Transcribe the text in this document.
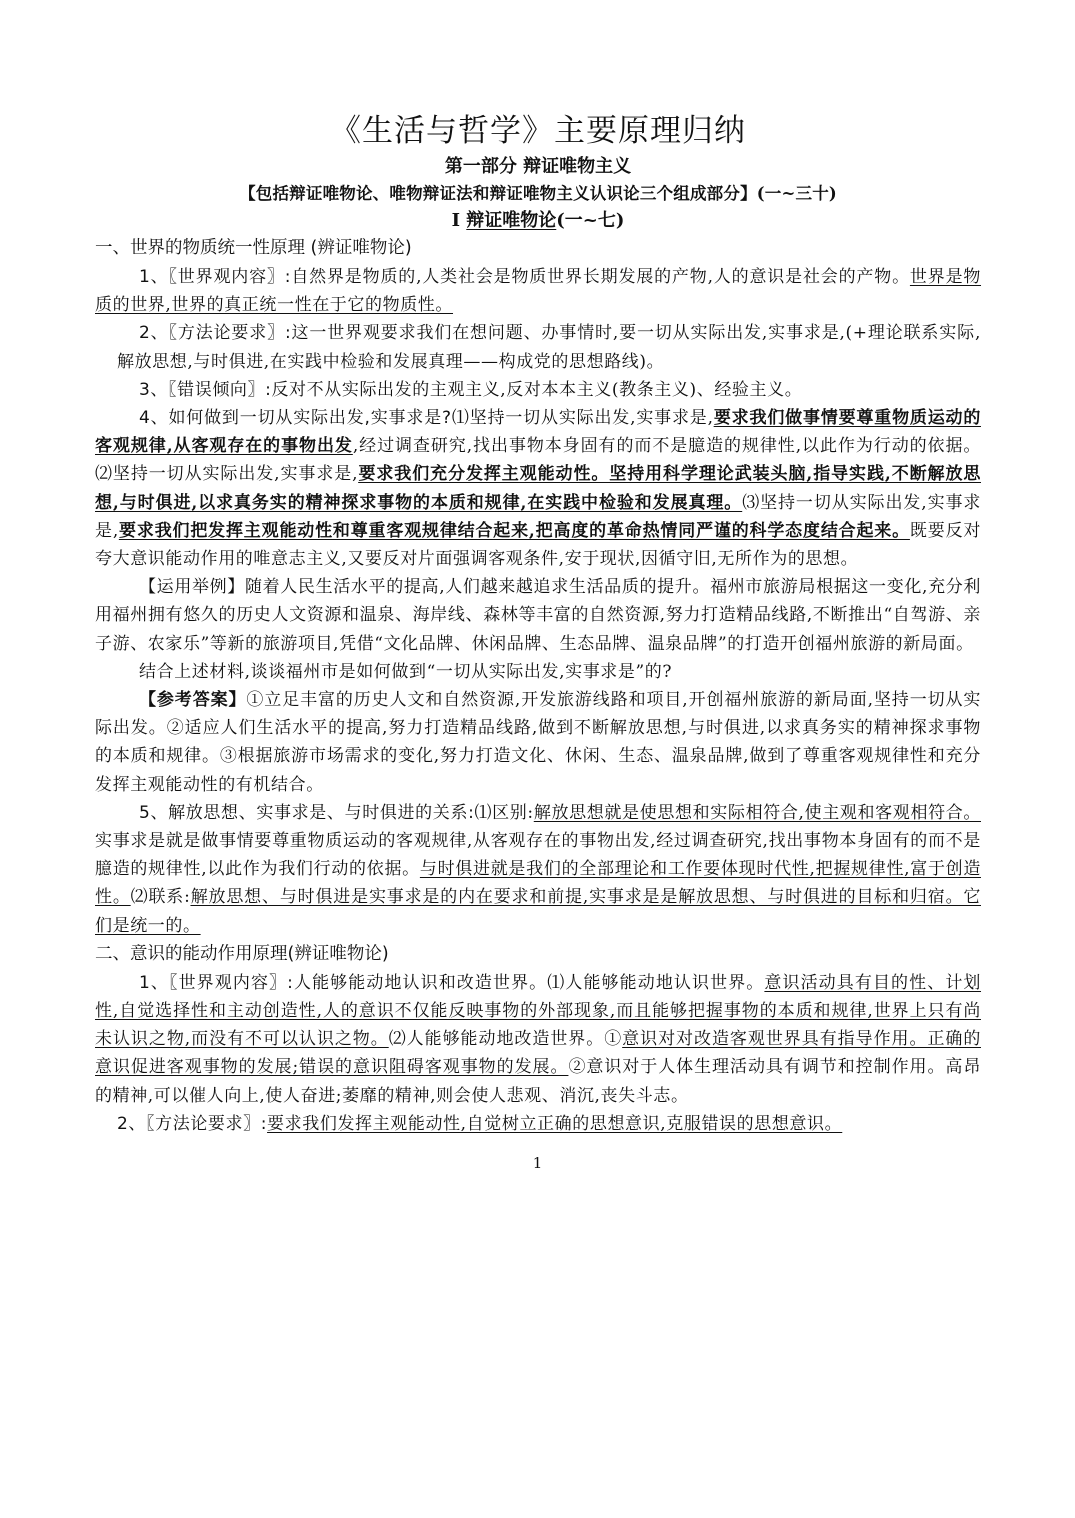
《生活与哲学》主要原理归纳
第一部分 辩证唯物主义
【包括辩证唯物论、唯物辩证法和辩证唯物主义认识论三个组成部分】(一~三十)
Ⅰ 辩证唯物论(一~七)
一、世界的物质统一性原理 (辨证唯物论)

1、〖世界观内容〗:自然界是物质的,人类社会是物质世界长期发展的产物,人的意识是社会的产物。世界是物质的世界,世界的真正统一性在于它的物质性。

2、〖方法论要求〗:这一世界观要求我们在想问题、办事情时,要一切从实际出发,实事求是,(+理论联系实际,解放思想,与时俱进,在实践中检验和发展真理——构成党的思想路线)。

3、〖错误倾向〗:反对不从实际出发的主观主义,反对本本主义(教条主义)、经验主义。

4、如何做到一切从实际出发,实事求是?⑴坚持一切从实际出发,实事求是,要求我们做事情要尊重物质运动的客观规律,从客观存在的事物出发,经过调查研究,找出事物本身固有的而不是臆造的规律性,以此作为行动的依据。⑵坚持一切从实际出发,实事求是,要求我们充分发挥主观能动性。坚持用科学理论武装头脑,指导实践,不断解放思想,与时俱进,以求真务实的精神探求事物的本质和规律,在实践中检验和发展真理。⑶坚持一切从实际出发,实事求是,要求我们把发挥主观能动性和尊重客观规律结合起来,把高度的革命热情同严谨的科学态度结合起来。既要反对夸大意识能动作用的唯意志主义,又要反对片面强调客观条件,安于现状,因循守旧,无所作为的思想。

【运用举例】随着人民生活水平的提高,人们越来越追求生活品质的提升。福州市旅游局根据这一变化,充分利用福州拥有悠久的历史人文资源和温泉、海岸线、森林等丰富的自然资源,努力打造精品线路,不断推出“自驾游、亲子游、农家乐”等新的旅游项目,凭借“文化品牌、休闲品牌、生态品牌、温泉品牌”的打造开创福州旅游的新局面。

结合上述材料,谈谈福州市是如何做到“一切从实际出发,实事求是”的?

【参考答案】①立足丰富的历史人文和自然资源,开发旅游线路和项目,开创福州旅游的新局面,坚持一切从实际出发。②适应人们生活水平的提高,努力打造精品线路,做到不断解放思想,与时俱进,以求真务实的精神探求事物的本质和规律。③根据旅游市场需求的变化,努力打造文化、休闲、生态、温泉品牌,做到了尊重客观规律性和充分发挥主观能动性的有机结合。

5、解放思想、实事求是、与时俱进的关系:⑴区别:解放思想就是使思想和实际相符合,使主观和客观相符合。实事求是就是做事情要尊重物质运动的客观规律,从客观存在的事物出发,经过调查研究,找出事物本身固有的而不是臆造的规律性,以此作为我们行动的依据。与时俱进就是我们的全部理论和工作要体现时代性,把握规律性,富于创造性。⑵联系:解放思想、与时俱进是实事求是的内在要求和前提,实事求是是解放思想、与时俱进的目标和归宿。它们是统一的。

二、意识的能动作用原理(辨证唯物论)

1、〖世界观内容〗:人能够能动地认识和改造世界。⑴人能够能动地认识世界。意识活动具有目的性、计划性,自觉选择性和主动创造性,人的意识不仅能反映事物的外部现象,而且能够把握事物的本质和规律,世界上只有尚未认识之物,而没有不可以认识之物。⑵人能够能动地改造世界。①意识对对改造客观世界具有指导作用。正确的意识促进客观事物的发展;错误的意识阻碍客观事物的发展。②意识对于人体生理活动具有调节和控制作用。高昂的精神,可以催人向上,使人奋进;萎靡的精神,则会使人悲观、消沉,丧失斗志。

2、〖方法论要求〗:要求我们发挥主观能动性,自觉树立正确的思想意识,克服错误的思想意识。

1
